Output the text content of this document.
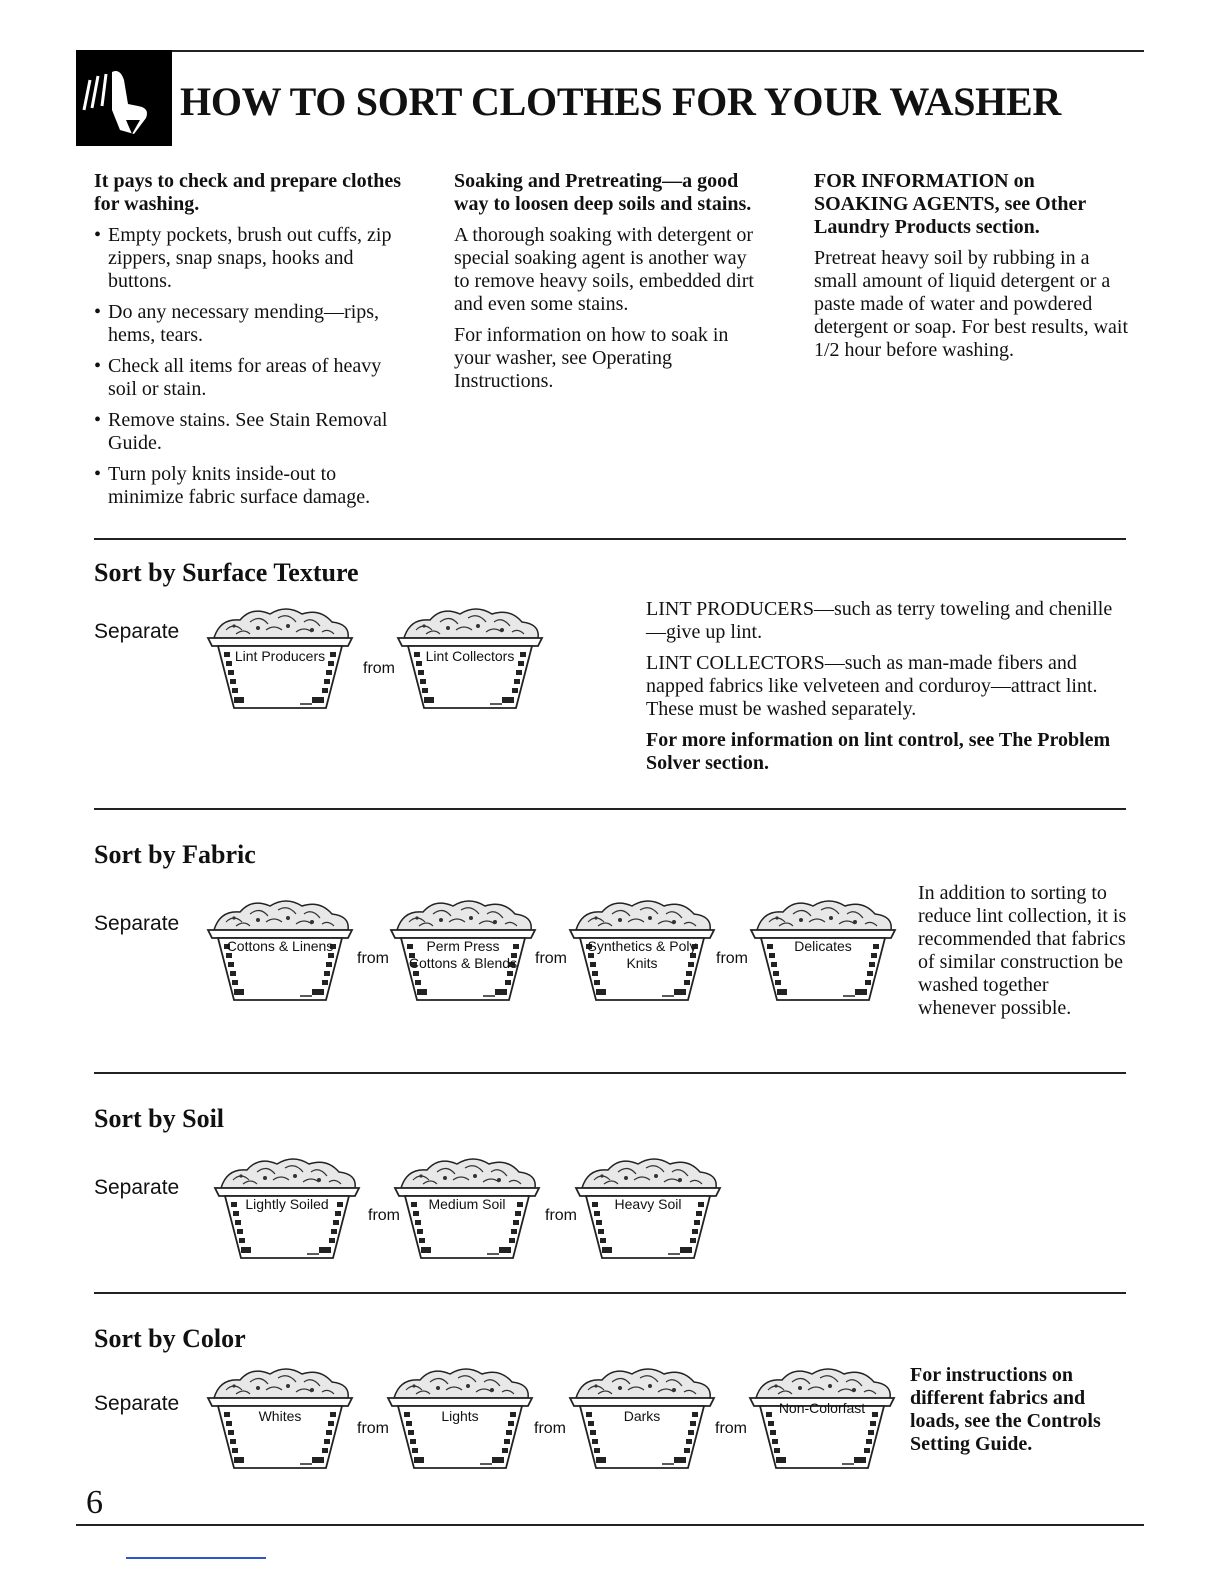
HOW TO SORT CLOTHES FOR YOUR WASHER
It pays to check and prepare clothes for washing.
• Empty pockets, brush out cuffs, zip zippers, snap snaps, hooks and buttons.
• Do any necessary mending—rips, hems, tears.
• Check all items for areas of heavy soil or stain.
• Remove stains. See Stain Removal Guide.
• Turn poly knits inside-out to minimize fabric surface damage.
Soaking and Pretreating—a good way to loosen deep soils and stains.

A thorough soaking with detergent or special soaking agent is another way to remove heavy soils, embedded dirt and even some stains.

For information on how to soak in your washer, see Operating Instructions.

FOR INFORMATION on SOAKING AGENTS, see Other Laundry Products section.

Pretreat heavy soil by rubbing in a small amount of liquid detergent or a paste made of water and powdered detergent or soap. For best results, wait 1/2 hour before washing.

Sort by Surface Texture
Separate
Lint Producers
from
Lint Collectors

LINT PRODUCERS—such as terry toweling and chenille—give up lint.

LINT COLLECTORS—such as man-made fibers and napped fabrics like velveteen and corduroy—attract lint. These must be washed separately.

For more information on lint control, see The Problem Solver section.

Sort by Fabric
Separate
Cottons & Linens
from
Perm Press Cottons & Blends from
Synthetics & Poly Knits	from
Delicates

In addition to sorting to reduce lint collection, it is recommended that fabrics of similar construction be washed together whenever possible.

Sort by Soil
Separate
Lightly Soiled
from
Medium Soil
from
Heavy Soil
Sort by Color
Separate
Whites
from
Lights
from
Darks
from
Non-Colorfast

For instructions on different fabrics and loads, see the Controls Setting Guide.

6
